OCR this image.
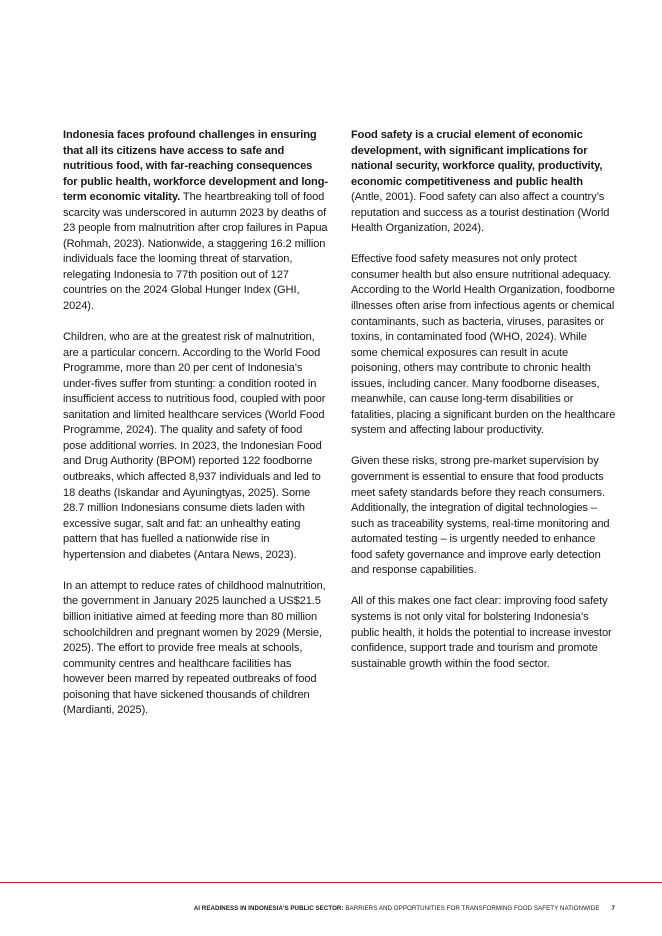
Indonesia faces profound challenges in ensuring that all its citizens have access to safe and nutritious food, with far-reaching consequences for public health, workforce development and long-term economic vitality. The heartbreaking toll of food scarcity was underscored in autumn 2023 by deaths of 23 people from malnutrition after crop failures in Papua (Rohmah, 2023). Nationwide, a staggering 16.2 million individuals face the looming threat of starvation, relegating Indonesia to 77th position out of 127 countries on the 2024 Global Hunger Index (GHI, 2024).

Children, who are at the greatest risk of malnutrition, are a particular concern. According to the World Food Programme, more than 20 per cent of Indonesia’s under-fives suffer from stunting: a condition rooted in insufficient access to nutritious food, coupled with poor sanitation and limited healthcare services (World Food Programme, 2024). The quality and safety of food pose additional worries. In 2023, the Indonesian Food and Drug Authority (BPOM) reported 122 foodborne outbreaks, which affected 8,937 individuals and led to 18 deaths (Iskandar and Ayuningtyas, 2025). Some 28.7 million Indonesians consume diets laden with excessive sugar, salt and fat: an unhealthy eating pattern that has fuelled a nationwide rise in hypertension and diabetes (Antara News, 2023).

In an attempt to reduce rates of childhood malnutrition, the government in January 2025 launched a US$21.5 billion initiative aimed at feeding more than 80 million schoolchildren and pregnant women by 2029 (Mersie, 2025). The effort to provide free meals at schools, community centres and healthcare facilities has however been marred by repeated outbreaks of food poisoning that have sickened thousands of children (Mardianti, 2025).

Food safety is a crucial element of economic development, with significant implications for national security, workforce quality, productivity, economic competitiveness and public health (Antle, 2001). Food safety can also affect a country’s reputation and success as a tourist destination (World Health Organization, 2024).

Effective food safety measures not only protect consumer health but also ensure nutritional adequacy. According to the World Health Organization, foodborne illnesses often arise from infectious agents or chemical contaminants, such as bacteria, viruses, parasites or toxins, in contaminated food (WHO, 2024). While some chemical exposures can result in acute poisoning, others may contribute to chronic health issues, including cancer. Many foodborne diseases, meanwhile, can cause long-term disabilities or fatalities, placing a significant burden on the healthcare system and affecting labour productivity.

Given these risks, strong pre-market supervision by government is essential to ensure that food products meet safety standards before they reach consumers. Additionally, the integration of digital technologies – such as traceability systems, real-time monitoring and automated testing – is urgently needed to enhance food safety governance and improve early detection and response capabilities.

All of this makes one fact clear: improving food safety systems is not only vital for bolstering Indonesia’s public health, it holds the potential to increase investor confidence, support trade and tourism and promote sustainable growth within the food sector.

AI READINESS IN INDONESIA’S PUBLIC SECTOR: BARRIERS AND OPPORTUNITIES FOR TRANSFORMING FOOD SAFETY NATIONWIDE 7
